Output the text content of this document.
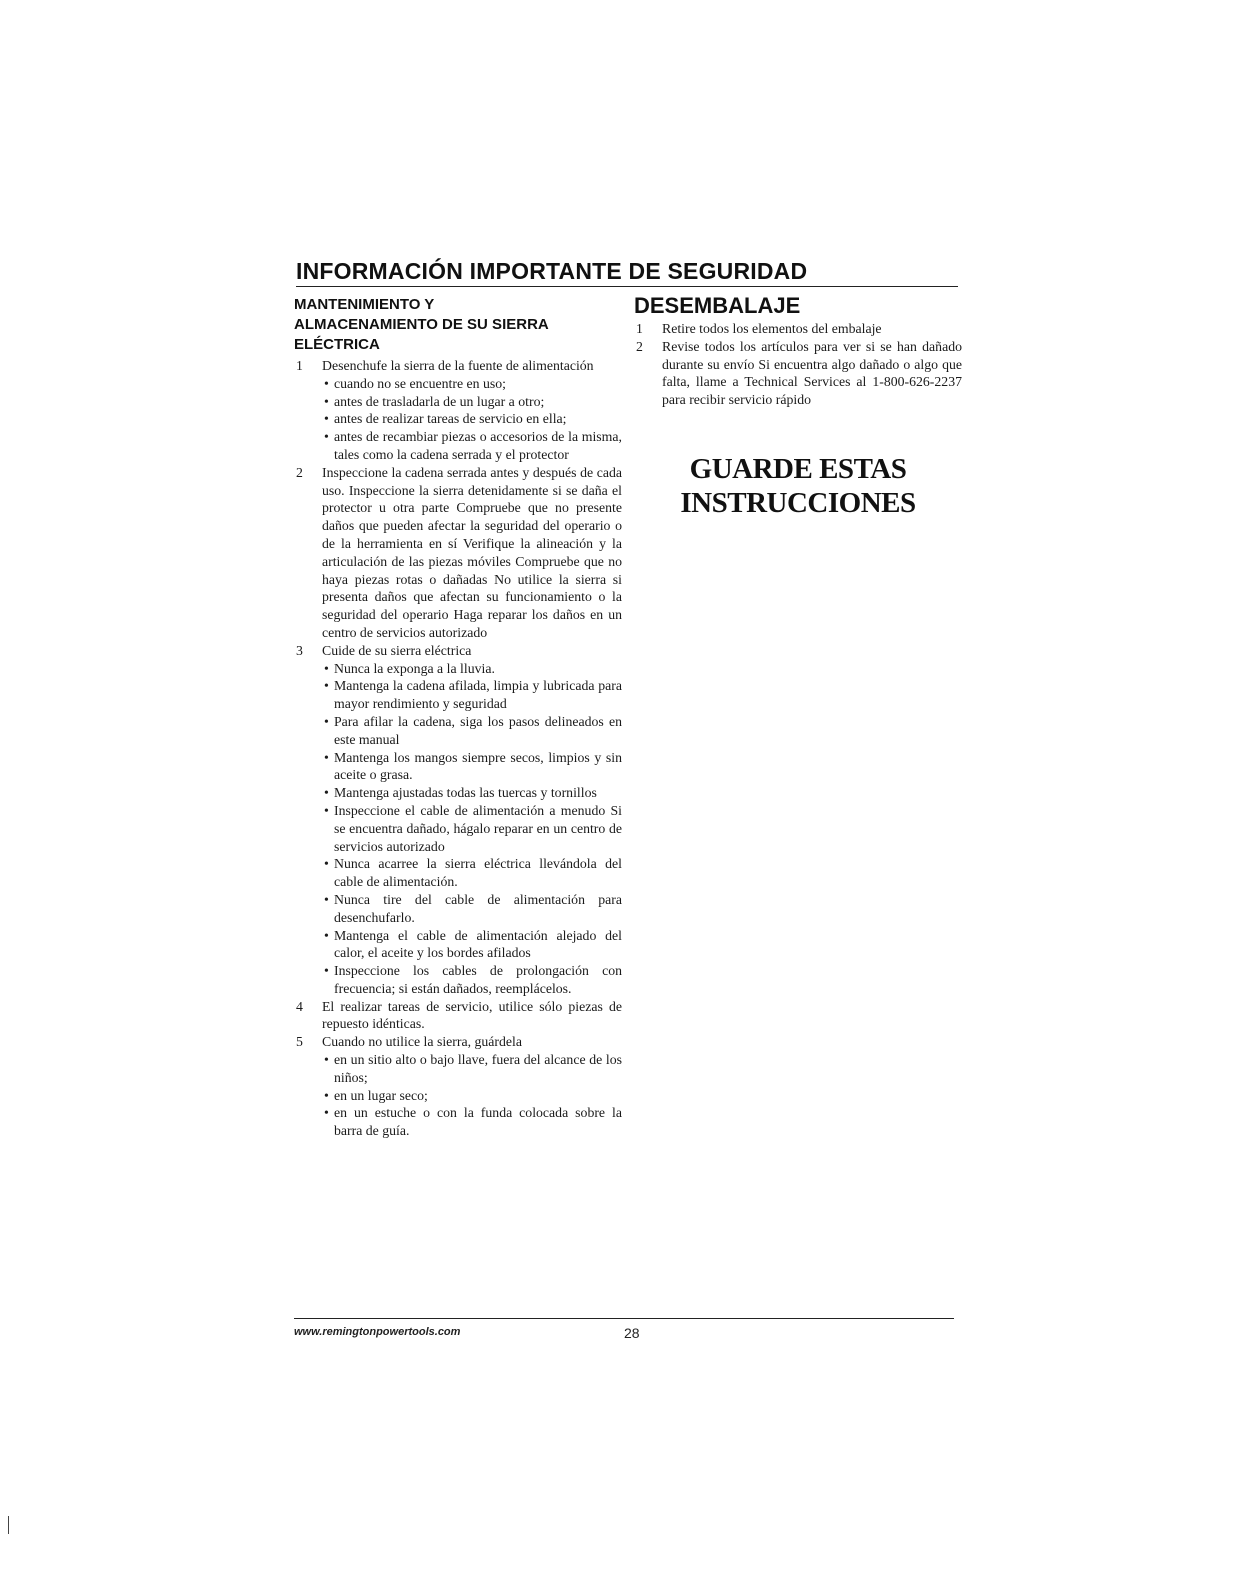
INFORMACIÓN IMPORTANTE DE SEGURIDAD
MANTENIMIENTO Y
ALMACENAMIENTO DE SU SIERRA
ELÉCTRICA
1 Desenchufe la sierra de la fuente de alimentación
• cuando no se encuentre en uso;
• antes de trasladarla de un lugar a otro;
• antes de realizar tareas de servicio en ella;
• antes de recambiar piezas o accesorios de la misma, tales como la cadena serrada y el protector
2 Inspeccione la cadena serrada antes y después de cada uso. Inspeccione la sierra detenidamente si se daña el protector u otra parte Compruebe que no presente daños que pueden afectar la seguridad del operario o de la herramienta en sí Verifique la alineación y la articulación de las piezas móviles Compruebe que no haya piezas rotas o dañadas No utilice la sierra si presenta daños que afectan su funcionamiento o la seguridad del operario Haga reparar los daños en un centro de servicios autorizado
3 Cuide de su sierra eléctrica
• Nunca la exponga a la lluvia.
• Mantenga la cadena afilada, limpia y lubricada para mayor rendimiento y seguridad
• Para afilar la cadena, siga los pasos delineados en este manual
• Mantenga los mangos siempre secos, limpios y sin aceite o grasa.
• Mantenga ajustadas todas las tuercas y tornillos
• Inspeccione el cable de alimentación a menudo Si se encuentra dañado, hágalo reparar en un centro de servicios autorizado
• Nunca acarree la sierra eléctrica llevándola del cable de alimentación.
• Nunca tire del cable de alimentación para desenchufarlo.
• Mantenga el cable de alimentación alejado del calor, el aceite y los bordes afilados
• Inspeccione los cables de prolongación con frecuencia; si están dañados, reemplácelos.
4 El realizar tareas de servicio, utilice sólo piezas de repuesto idénticas.
5 Cuando no utilice la sierra, guárdela
• en un sitio alto o bajo llave, fuera del alcance de los niños;
• en un lugar seco;
• en un estuche o con la funda colocada sobre la barra de guía.
DESEMBALAJE
1 Retire todos los elementos del embalaje
2 Revise todos los artículos para ver si se han dañado durante su envío Si encuentra algo dañado o algo que falta, llame a Technical Services al 1-800-626-2237 para recibir servicio rápido
GUARDE ESTAS
INSTRUCCIONES

www.remingtonpowertools.com	28
